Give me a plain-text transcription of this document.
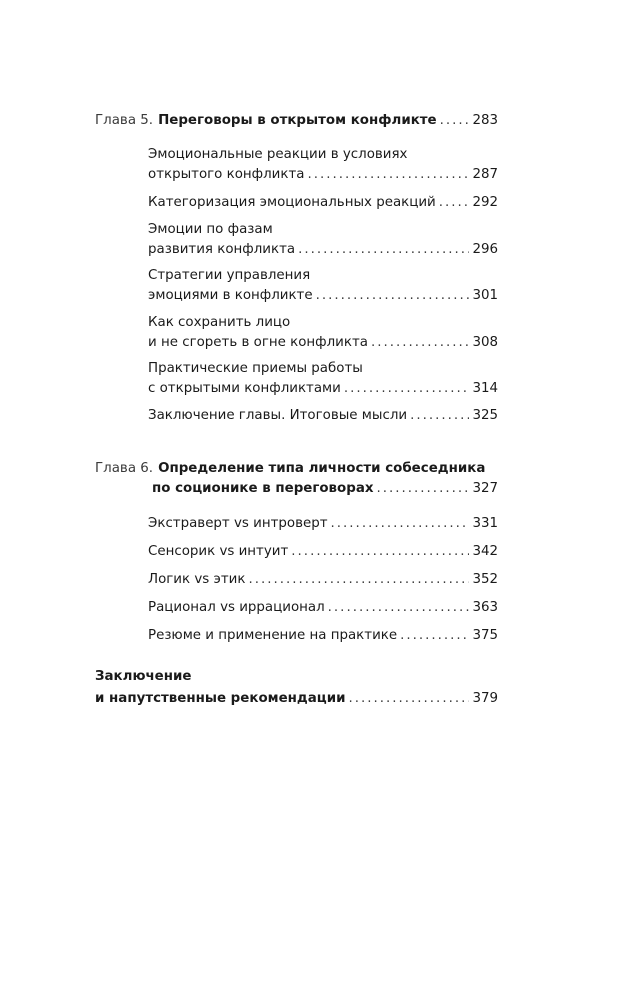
Глава 5. Переговоры в открытом конфликте .....	283
Эмоциональные реакции в условиях
открытого конфликта .....	287
Категоризация эмоциональных реакций .....	292
Эмоции по фазам
развития конфликта .....	296
Стратегии управления
эмоциями в конфликте .....	301
Как сохранить лицо
и не сгореть в огне конфликта .....	308
Практические приемы работы
с открытыми конфликтами .....	314
Заключение главы. Итоговые мысли .....	325
Глава 6. Определение типа личности собеседника
по соционике в переговорах .....	327
Экстраверт vs интроверт .....	331
Сенсорик vs интуит .....	342
Логик vs этик .....	352
Рационал vs иррационал .....	363
Резюме и применение на практике .....	375
Заключение
и напутственные рекомендации .....	379
